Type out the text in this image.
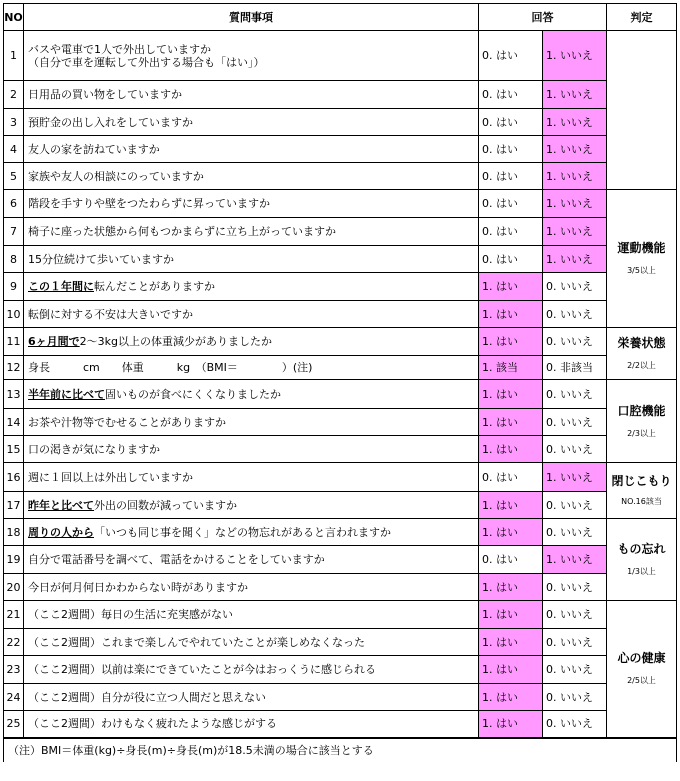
NO	質問事項	回答		判定
1	バスや電車で1人で外出していますか
（自分で車を運転して外出する場合も「はい」）	0. はい	1. いいえ	
2	日用品の買い物をしていますか	0. はい	1. いいえ	
3	預貯金の出し入れをしていますか	0. はい	1. いいえ	
4	友人の家を訪ねていますか	0. はい	1. いいえ	
5	家族や友人の相談にのっていますか	0. はい	1. いいえ	
6	階段を手すりや壁をつたわらずに昇っていますか	0. はい	1. いいえ	運動機能
3/5以上

7	椅子に座った状態から何もつかまらずに立ち上がっていますか	0. はい	1. いいえ	
8	15分位続けて歩いていますか	0. はい	1. いいえ	
9	この１年間に転んだことがありますか	1. はい	0. いいえ	
10	転倒に対する不安は大きいですか	1. はい	0. いいえ	
11	6ヶ月間で2～3kg以上の体重減少がありましたか	1. はい	0. いいえ	栄養状態
2/2以上

12	身長　　　cm　　体重　　　kg　（BMI＝　　　　）(注)	1. 該当	0. 非該当	
13	半年前に比べて固いものが食べにくくなりましたか	1. はい	0. いいえ	口腔機能
2/3以上

14	お茶や汁物等でむせることがありますか	1. はい	0. いいえ	
15	口の渇きが気になりますか	1. はい	0. いいえ	
16	週に１回以上は外出していますか	0. はい	1. いいえ	閉じこもり
NO.16該当

17	昨年と比べて外出の回数が減っていますか	1. はい	0. いいえ	
18	周りの人から「いつも同じ事を聞く」などの物忘れがあると言われますか	1. はい	0. いいえ	もの忘れ
1/3以上

19	自分で電話番号を調べて、電話をかけることをしていますか	0. はい	1. いいえ	
20	今日が何月何日かわからない時がありますか	1. はい	0. いいえ	
21	（ここ2週間）毎日の生活に充実感がない	1. はい	0. いいえ	心の健康
2/5以上

22	（ここ2週間）これまで楽しんでやれていたことが楽しめなくなった	1. はい	0. いいえ	
23	（ここ2週間）以前は楽にできていたことが今はおっくうに感じられる	1. はい	0. いいえ	
24	（ここ2週間）自分が役に立つ人間だと思えない	1. はい	0. いいえ	
25	（ここ2週間）わけもなく疲れたような感じがする	1. はい	0. いいえ	
（注）BMI＝体重(kg)÷身長(m)÷身長(m)が18.5未満の場合に該当とする				
